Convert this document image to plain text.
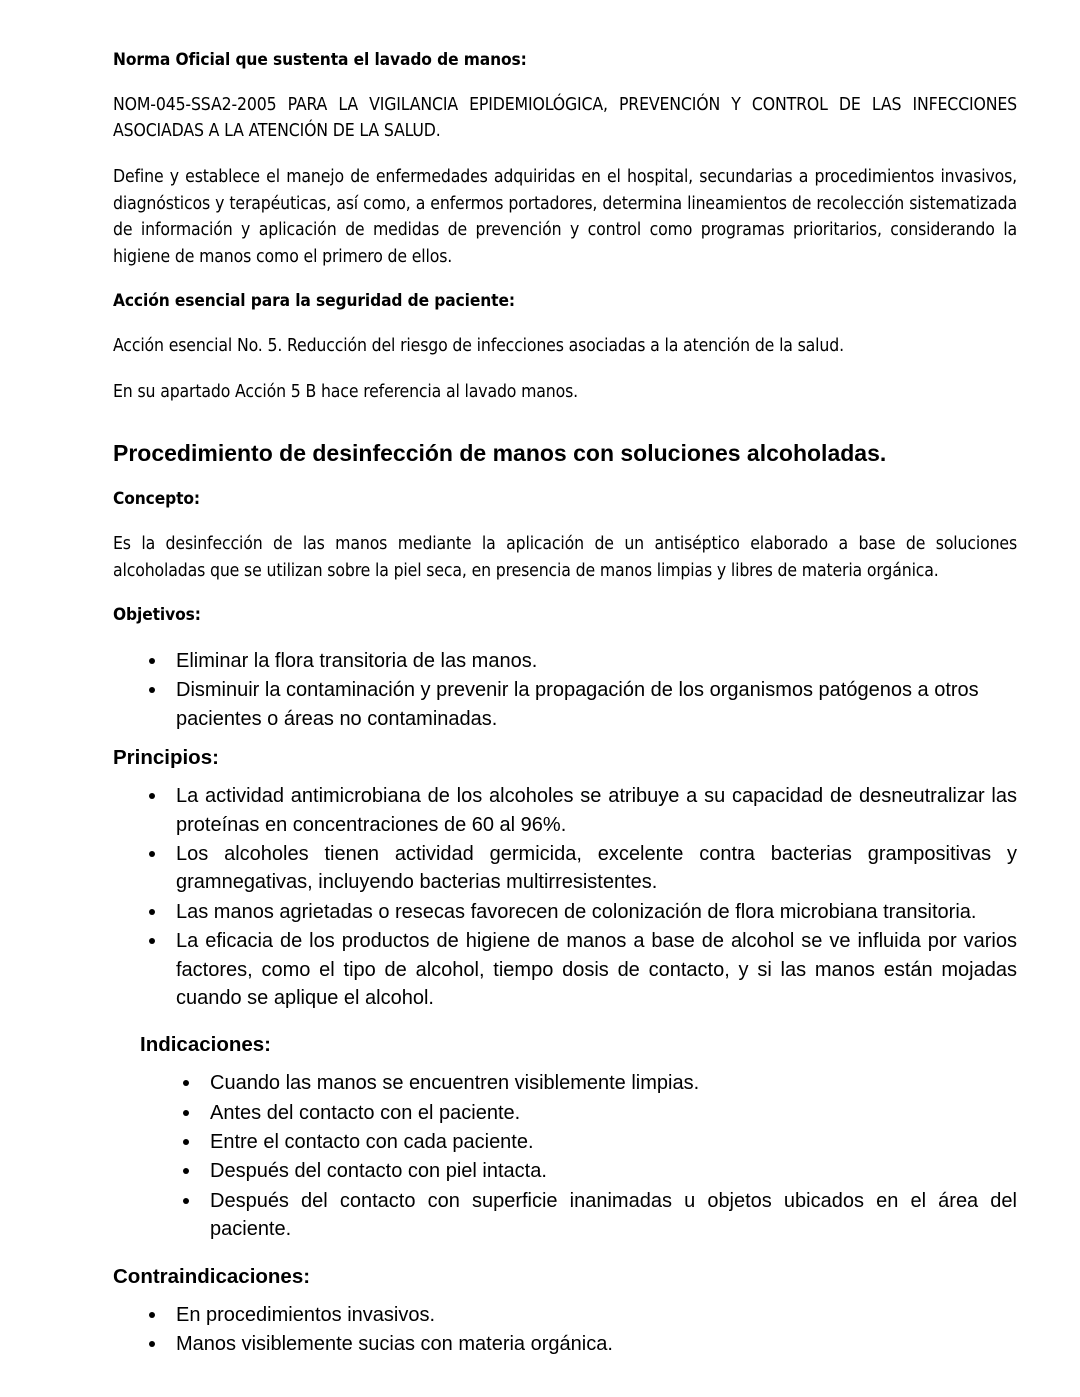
Norma Oficial que sustenta el lavado de manos:

NOM-045-SSA2-2005 PARA LA VIGILANCIA EPIDEMIOLÓGICA, PREVENCIÓN Y CONTROL DE LAS INFECCIONES ASOCIADAS A LA ATENCIÓN DE LA SALUD.

Define y establece el manejo de enfermedades adquiridas en el hospital, secundarias a procedimientos invasivos, diagnósticos y terapéuticas, así como, a enfermos portadores, determina lineamientos de recolección sistematizada de información y aplicación de medidas de prevención y control como programas prioritarios, considerando la higiene de manos como el primero de ellos.

Acción esencial para la seguridad de paciente:

Acción esencial No. 5. Reducción del riesgo de infecciones asociadas a la atención de la salud.

En su apartado Acción 5 B hace referencia al lavado manos.

Procedimiento de desinfección de manos con soluciones alcoholadas.

Concepto:

Es la desinfección de las manos mediante la aplicación de un antiséptico elaborado a base de soluciones alcoholadas que se utilizan sobre la piel seca, en presencia de manos limpias y libres de materia orgánica.

Objetivos:

Eliminar la flora transitoria de las manos.
Disminuir la contaminación y prevenir la propagación de los organismos patógenos a otros pacientes o áreas no contaminadas.

Principios:

La actividad antimicrobiana de los alcoholes se atribuye a su capacidad de desneutralizar las proteínas en concentraciones de 60 al 96%.
Los alcoholes tienen actividad germicida, excelente contra bacterias grampositivas y gramnegativas, incluyendo bacterias multirresistentes.
Las manos agrietadas o resecas favorecen de colonización de flora microbiana transitoria.
La eficacia de los productos de higiene de manos a base de alcohol se ve influida por varios factores, como el tipo de alcohol, tiempo dosis de contacto, y si las manos están mojadas cuando se aplique el alcohol.

Indicaciones:

Cuando las manos se encuentren visiblemente limpias.
Antes del contacto con el paciente.
Entre el contacto con cada paciente.
Después del contacto con piel intacta.
Después del contacto con superficie inanimadas u objetos ubicados en el área del paciente.

Contraindicaciones:

En procedimientos invasivos.
Manos visiblemente sucias con materia orgánica.
